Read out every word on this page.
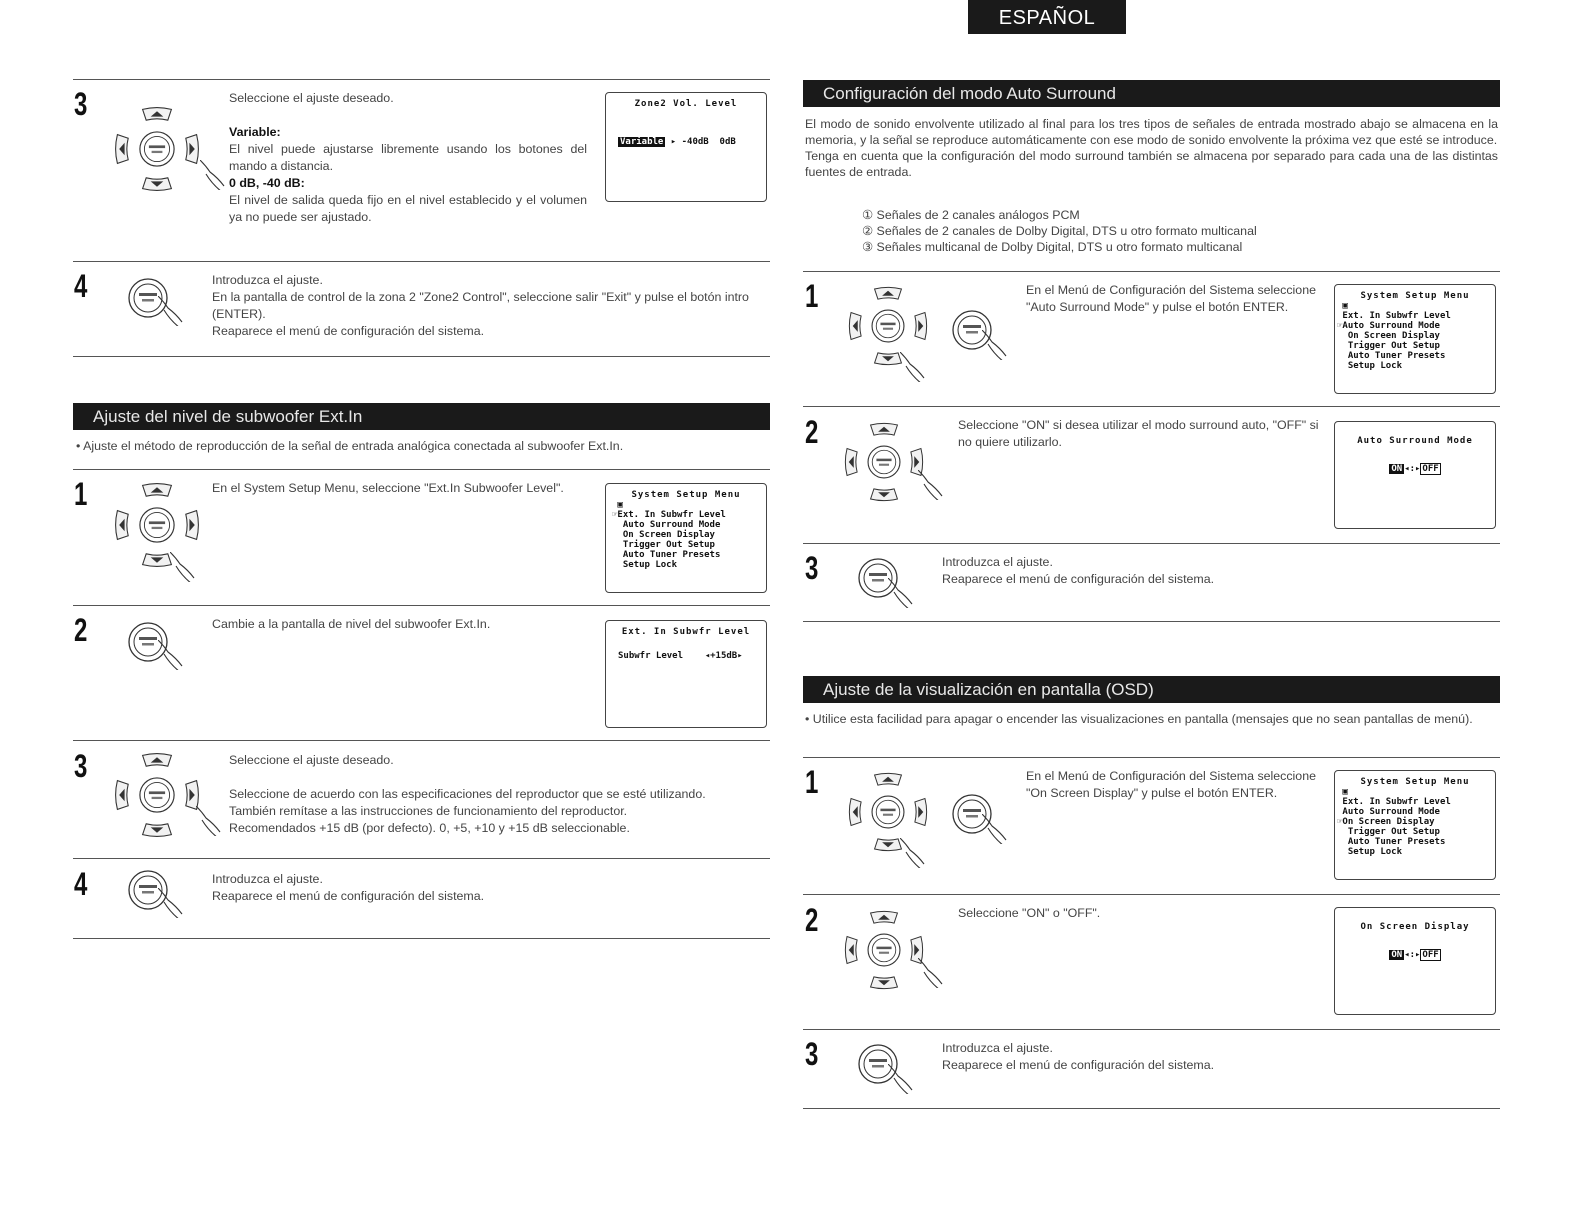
ESPAÑOL
3	Seleccione el ajuste deseado.

Variable:

El nivel puede ajustarse libremente usando los botones del mando a distancia.

0 dB, -40 dB:

El nivel de salida queda fijo en el nivel establecido y el volumen ya no puede ser ajustado.

Zone2 Vol. Level
Variable ▸ -40dB  0dB
4	Introduzca el ajuste.

En la pantalla de control de la zona 2 "Zone2 Control", seleccione salir "Exit" y pulse el botón intro (ENTER).

Reaparece el menú de configuración del sistema.

Ajuste del nivel de subwoofer Ext.In
• Ajuste el método de reproducción de la señal de entrada analógica conectada al subwoofer Ext.In.
1	En el System Setup Menu, seleccione "Ext.In Subwoofer Level".	System Setup Menu
▣
☞Ext. In Subwfr Level
Auto Surround Mode
On Screen Display
Trigger Out Setup
Auto Tuner Presets
Setup Lock
2	Cambie a la pantalla de nivel del subwoofer Ext.In.

Ext. In Subwfr Level
Subwfr Level    ◂+15dB▸
3	Seleccione el ajuste deseado.

Seleccione de acuerdo con las especificaciones del reproductor que se esté utilizando.

También remítase a las instrucciones de funcionamiento del reproductor.

Recomendados +15 dB (por defecto). 0, +5, +10 y +15 dB seleccionable.

4	Introduzca el ajuste.

Reaparece el menú de configuración del sistema.

Configuración del modo Auto Surround

El modo de sonido envolvente utilizado al final para los tres tipos de señales de entrada mostrado abajo se almacena en la memoria, y la señal se reproduce automáticamente con ese modo de sonido envolvente la próxima vez que esté se introduce.

Tenga en cuenta que la configuración del modo surround también se almacena por separado para cada una de las distintas fuentes de entrada.

① Señales de 2 canales análogos PCM
② Señales de 2 canales de Dolby Digital, DTS u otro formato multicanal
③ Señales multicanal de Dolby Digital, DTS u otro formato multicanal
1	En el Menú de Configuración del Sistema seleccione "Auto Surround Mode" y pulse el botón ENTER.

System Setup Menu
▣
Ext. In Subwfr Level
☞Auto Surround Mode
On Screen Display
Trigger Out Setup
Auto Tuner Presets
Setup Lock
2	Seleccione "ON" si desea utilizar el modo surround auto, "OFF" si no quiere utilizarlo.	Auto Surround Mode
ON ◂:▸ OFF
3	Introduzca el ajuste.

Reaparece el menú de configuración del sistema.

Ajuste de la visualización en pantalla (OSD)
• Utilice esta facilidad para apagar o encender las visualizaciones en pantalla (mensajes que no sean pantallas de menú).
1	En el Menú de Configuración del Sistema seleccione "On Screen Display" y pulse el botón ENTER.

System Setup Menu
▣
Ext. In Subwfr Level
Auto Surround Mode
☞On Screen Display
Trigger Out Setup
Auto Tuner Presets
Setup Lock
2	Seleccione "ON" o "OFF".

On Screen Display
ON ◂:▸ OFF
3	Introduzca el ajuste.

Reaparece el menú de configuración del sistema.
